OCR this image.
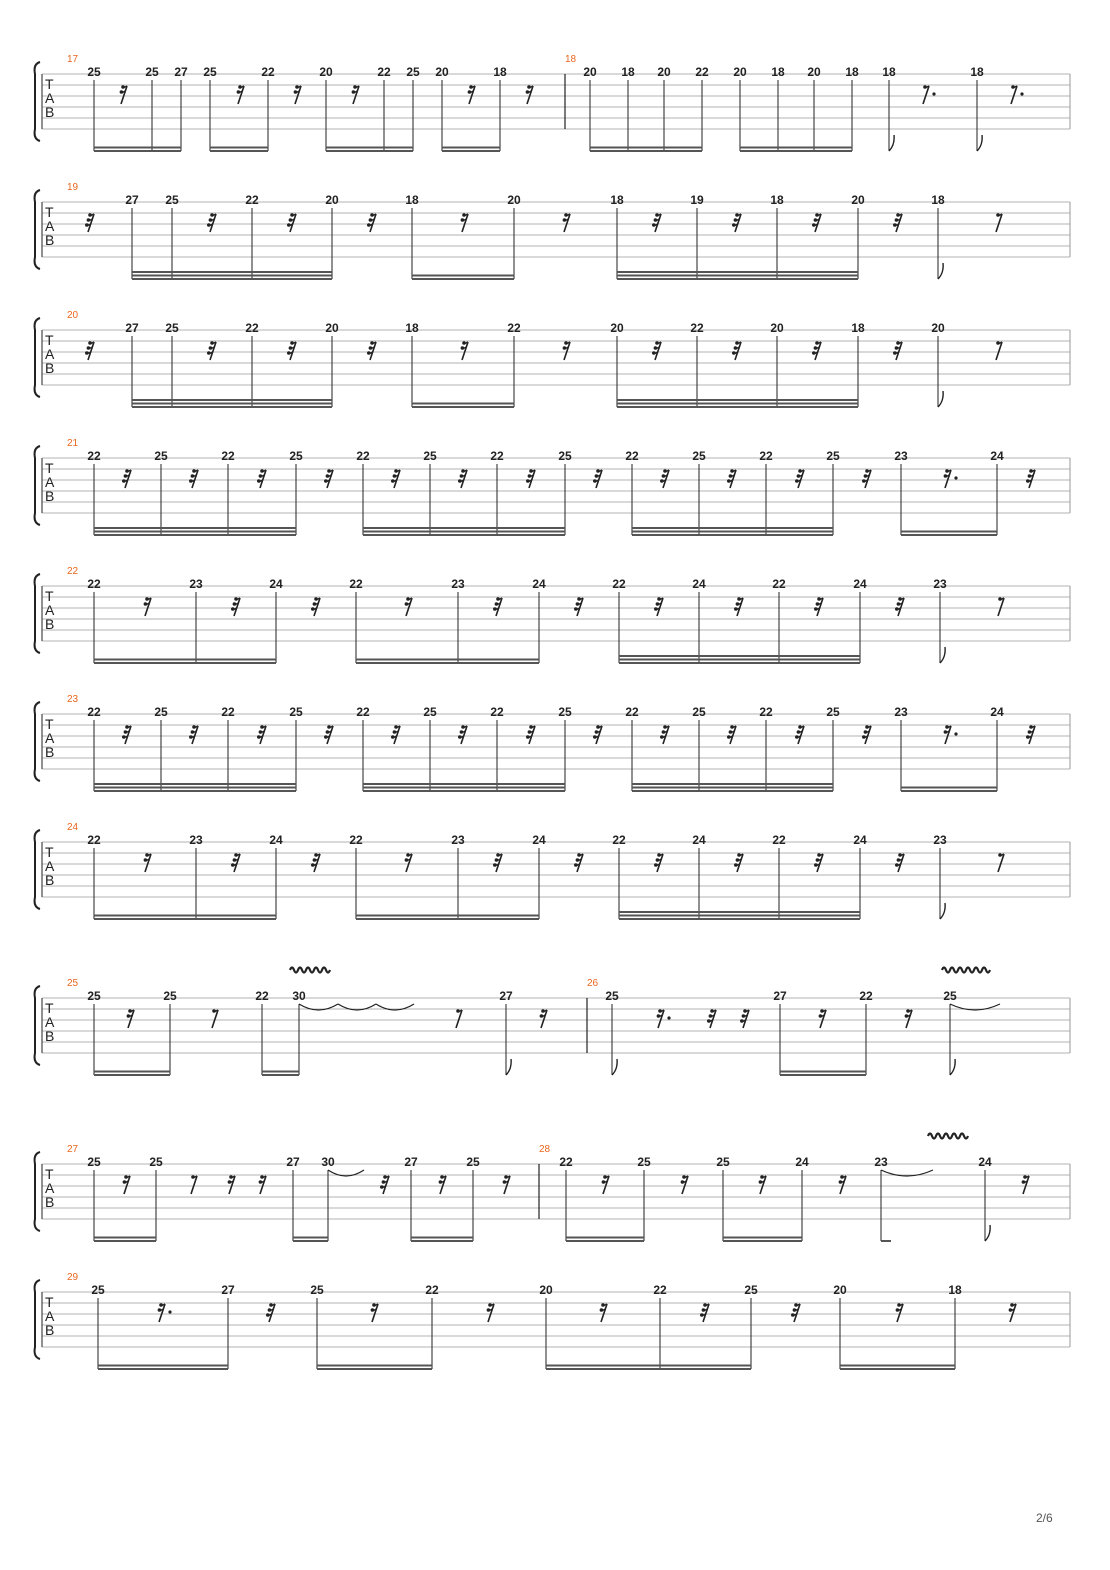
T
A
B
T
A
B
T
A
B
T
A
B
T
A
B
T
A
B
T
A
B
T
A
B
T
A
B
T
A
B
17	18
25	25 27 25	22	20	22 25 20	18	20 18 20 22 20 18 20 18 18	18
19
27 25	22	20	18	20	18	19	18	20	18
20
27 25	22	20	18	22	20	22	20	18	20
21
22	25	22	25	22	25	22	25	22	25	22	25	23	24
22
22	23	24	22	23	24	22	24	22	24	23
23
22	25	22	25	22	25	22	25	22	25	22	25	23	24
24
22	23	24	22	23	24	22	24	22	24	23
25	26
25	25	22 30	27	25	27	22	25
27	28
25	25	27 30	27	25	22	25	25	24	23	24
29
25	27	25	22	20	22	25	20	18
2/6
